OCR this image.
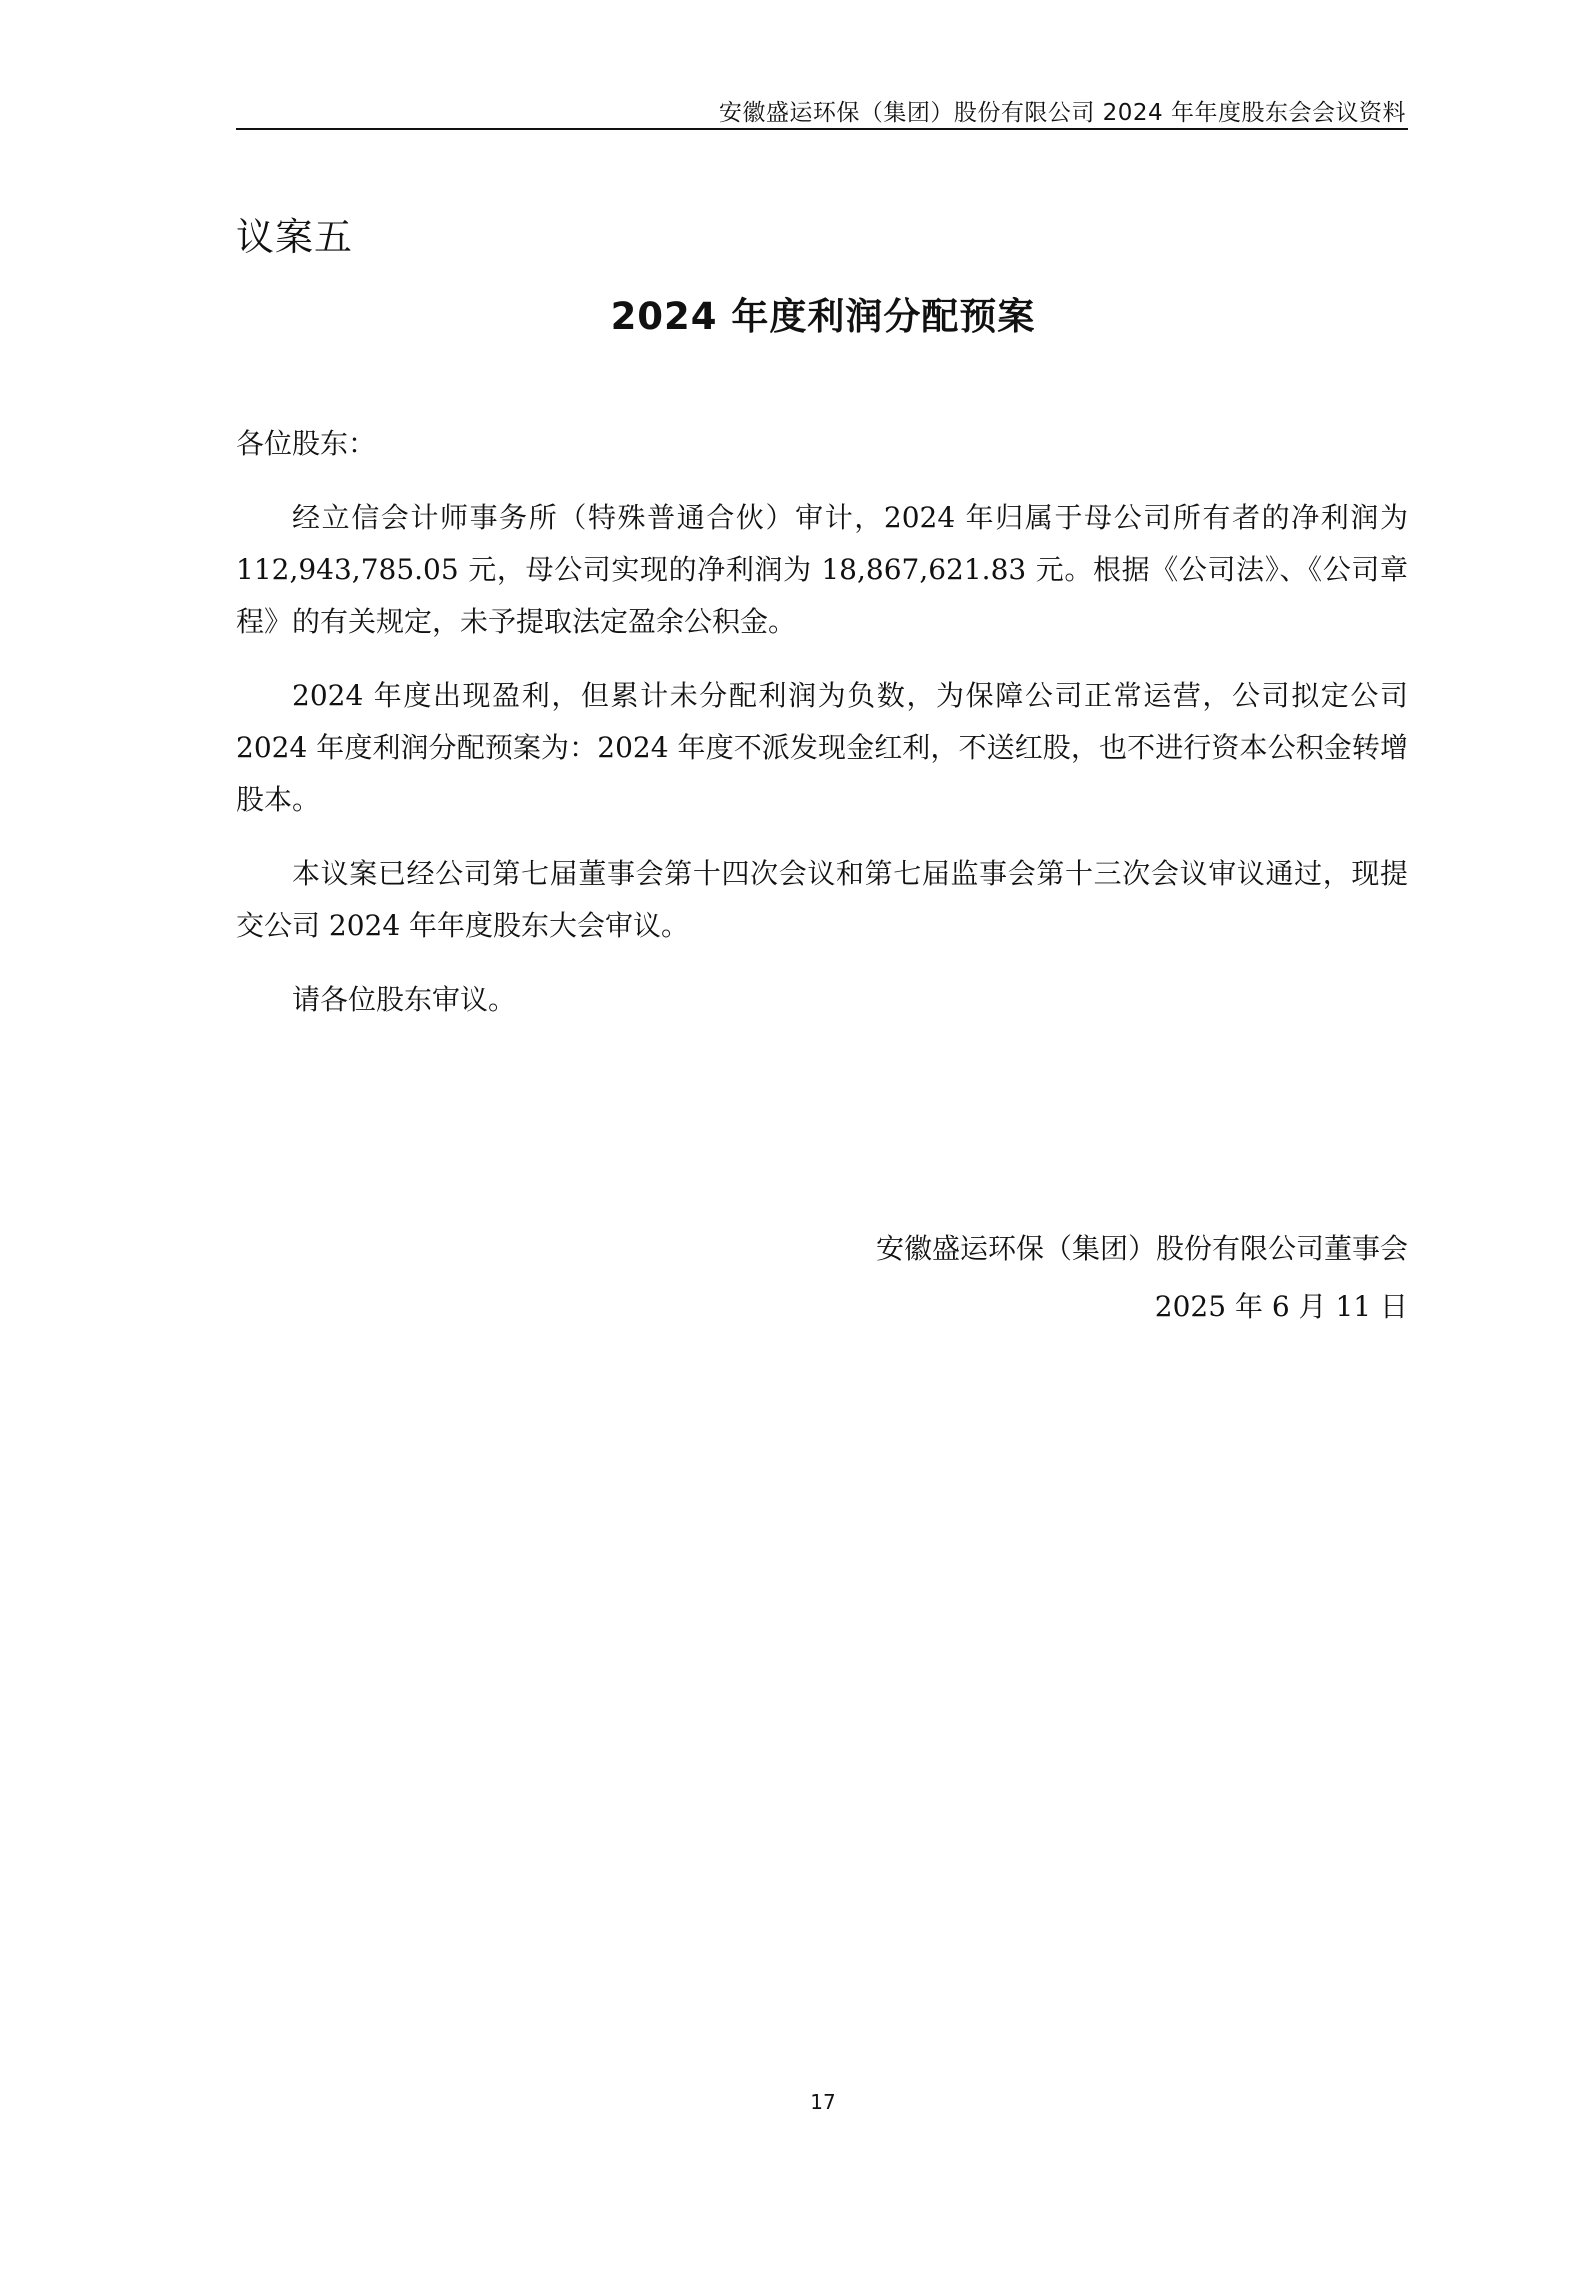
安徽盛运环保（集团）股份有限公司 2024 年年度股东会会议资料
议案五
2024 年度利润分配预案

各位股东：

经立信会计师事务所（特殊普通合伙）审计，2024 年归属于母公司所有者的净利润为 112,943,785.05 元，母公司实现的净利润为 18,867,621.83 元。根据《公司法》、《公司章程》的有关规定，未予提取法定盈余公积金。

2024 年度出现盈利，但累计未分配利润为负数，为保障公司正常运营，公司拟定公司 2024 年度利润分配预案为：2024 年度不派发现金红利，不送红股，也不进行资本公积金转增股本。

本议案已经公司第七届董事会第十四次会议和第七届监事会第十三次会议审议通过，现提交公司 2024 年年度股东大会审议。

请各位股东审议。

安徽盛运环保（集团）股份有限公司董事会
2025 年 6 月 11 日
17
